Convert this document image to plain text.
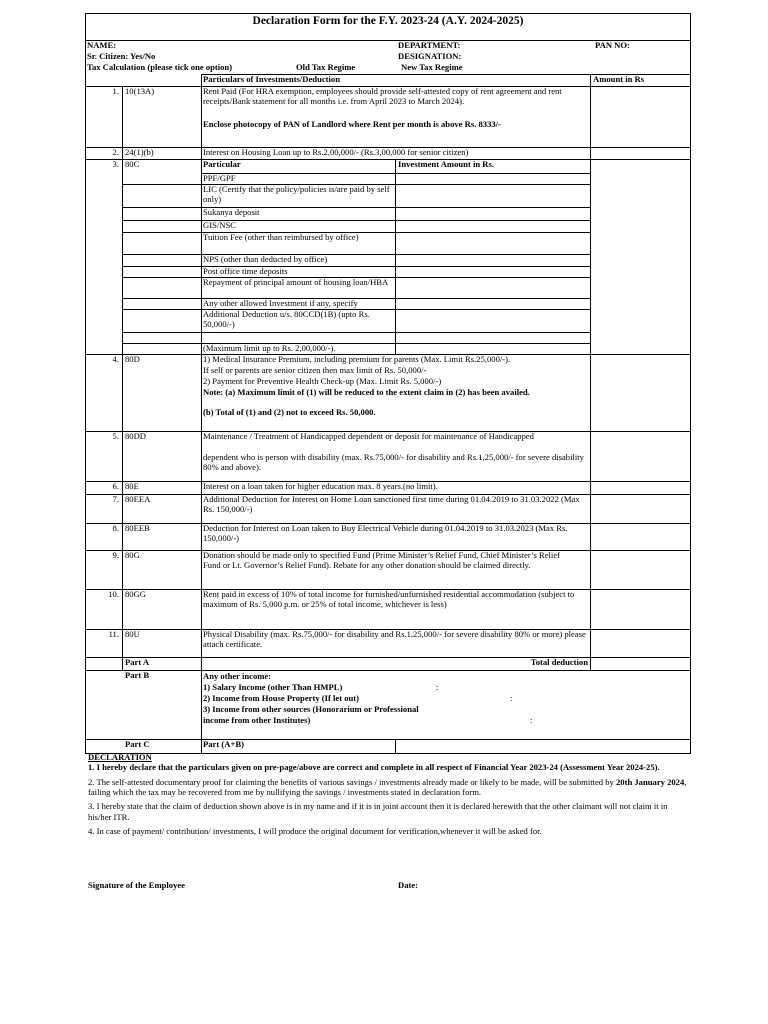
Declaration Form for the F.Y. 2023-24 (A.Y. 2024-2025)
NAME:	DEPARTMENT:	PAN NO:
Sr. Citizen: Yes/No	DESIGNATION:
Tax Calculation (please tick one option)	Old Tax Regime	New Tax Regime
Particulars of Investments/Deduction	Amount in Rs
1. 10(13A)	Rent Paid (For HRA exemption, employees should provide self-attested copy of rent agreement and rent receipts/Bank statement for all months i.e. from April 2023 to March 2024).
Enclose photocopy of PAN of Landlord where Rent per month is above Rs. 8333/-
2. 24(1)(b)	Interest on Housing Loan up to Rs.2,00,000/- (Rs.3,00,000 for senior citizen)
3. 80C	Particular	Investment Amount in Rs.
PPF/GPF
LIC (Certify that the policy/policies is/are paid by self only)
Sukanya deposit
GIS/NSC
Tuition Fee (other than reimbursed by office)
NPS (other than deducted by office)
Post office time deposits
Repayment of principal amount of housing loan/HBA
Any other allowed Investment if any, specify
Additional Deduction u/s. 80CCD(1B) (upto Rs. 50,000/-)
(Maximum limit up to Rs. 2,00,000/-).
4. 80D	1) Medical Insurance Premium, including premium for parents (Max. Limit Rs.25,000/-).
If self or parents are senior citizen then max limit of Rs. 50,000/-
2) Payment for Preventive Health Check-up (Max. Limit Rs. 5,000/-)
Note: (a) Maximum limit of (1) will be reduced to the extent claim in (2) has been availed.
(b) Total of (1) and (2) not to exceed Rs. 50,000.
5. 80DD	Maintenance / Treatment of Handicapped dependent or deposit for maintenance of Handicapped
dependent who is person with disability (max. Rs.75,000/- for disability and Rs.1,25,000/- for severe disability 80% and above).
6. 80E	Interest on a loan taken for higher education max. 8 years.(no limit).
7. 80EEA	Additional Deduction for Interest on Home Loan sanctioned first time during 01.04.2019 to 31.03.2022 (Max Rs. 150,000/-)
8. 80EEB	Deduction for Interest on Loan taken to Buy Electrical Vehicle during 01.04.2019 to 31.03.2023 (Max Rs. 150,000/-)
9. 80G	Donation should be made only to specified Fund (Prime Minister’s Relief Fund, Chief Minister’s Relief Fund or Lt. Governor’s Relief Fund). Rebate for any other donation should be claimed directly.
10. 80GG	Rent paid in excess of 10% of total income for furnished/unfurnished residential accommodation (subject to maximum of Rs. 5,000 p.m. or 25% of total income, whichever is less)
11. 80U	Physical Disability (max. Rs.75,000/- for disability and Rs.1,25,000/- for severe disability 80% or more) please attach certificate.
Part A	Total deduction
Part B	Any other income:
1) Salary Income (other Than HMPL)	:
2) Income from House Property (If let out)	:
3) Income from other sources (Honorarium or Professional
income from other Institutes)	:
Part C	Part (A+B)

DECLARATION

1. I hereby declare that the particulars given on pre-page/above are correct and complete in all respect of Financial Year 2023-24 (Assessment Year 2024-25).

2. The self-attested documentary proof for claiming the benefits of various savings / investments already made or likely to be made, will be submitted by 20th January 2024, failing which the tax may be recovered from me by nullifying the savings / investments stated in declaration form.

3. I hereby state that the claim of deduction shown above is in my name and if it is in joint account then it is declared herewith that the other claimant will not claim it in his/her ITR.

4. In case of payment/ contribution/ investments, I will produce the original document for verification,whenever it will be asked for.

Signature of the Employee	Date:
